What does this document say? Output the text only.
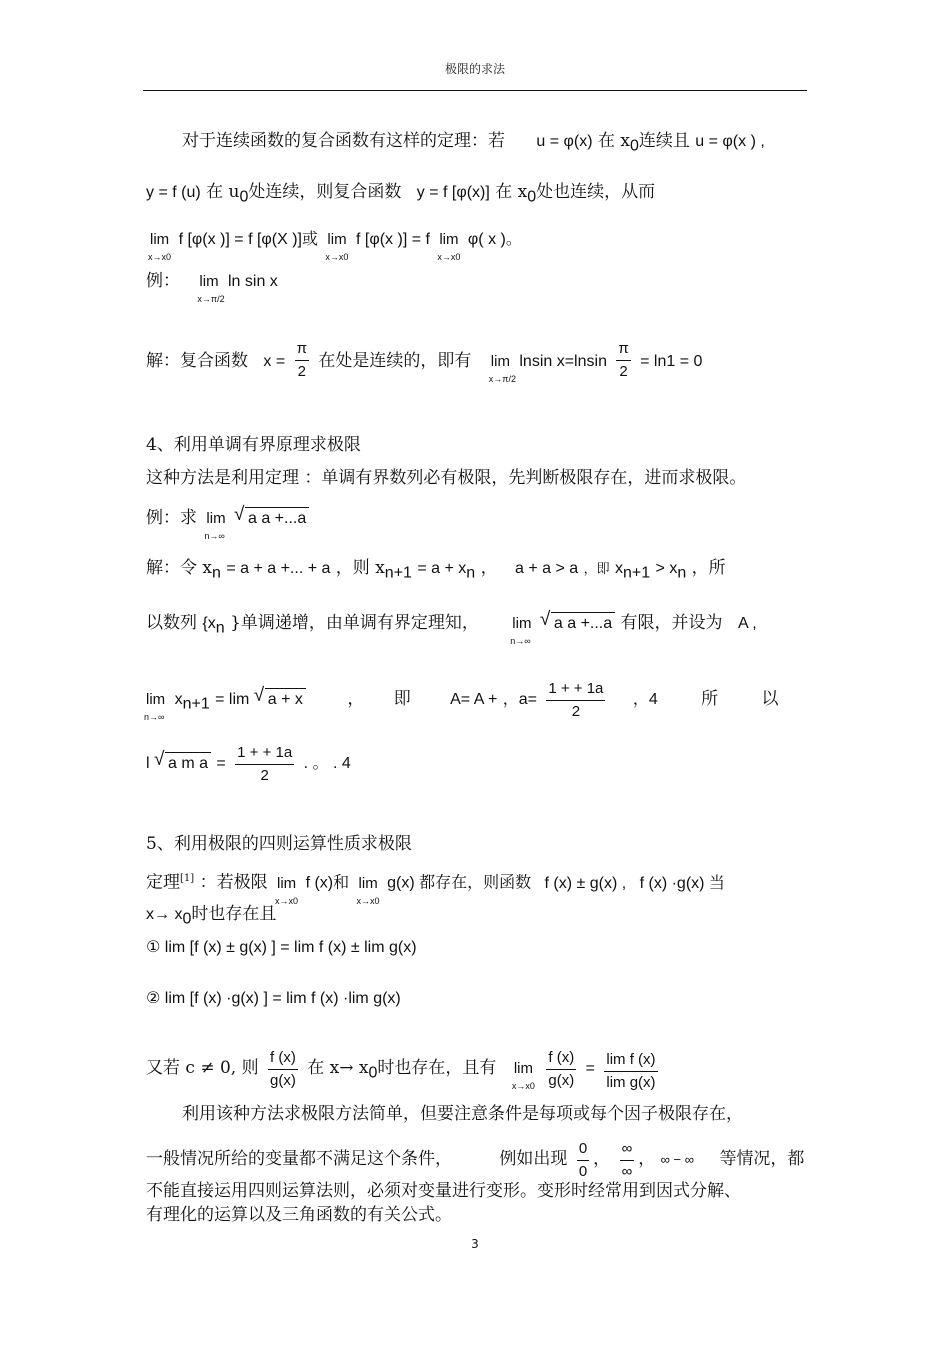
极限的求法
对于连续函数的复合函数有这样的定理：若 u = φ(x) 在 $x_0$连续且 u = φ(x ) ,
y = f (u) 在 $u_0$处连续，则复合函数 y = f [φ(x)] 在 $x_0$处也连续，从而
lim
x→x0
f [φ(x )] = f [φ(X )]或 lim
x→x0
f [φ(x )] = f lim
x→x0
φ( x )。
例： lim
x→π/2
ln sin x
解：复合函数 $x = \frac{\pi}{2}$ 在处是连续的，即有 lim
x→π/2
lnsin $x=lnsin \frac{\pi}{2} = \ln 1 = 0$
4、利用单调有界原理求极限
这种方法是利用定理 ：单调有界数列必有极限，先判断极限存在，进而求极限。
例：求 lim
n→∞
√ a a +...a
解：令 $x_n = a + a$ +... + a ，则 $x_{n+1} = a + x_n$ ， a + a > a ，即 $x_{n+1} > x_n$ ，所
以数列 {$x_n$ }单调递增，由单调有界定理知， lim
n→∞
√ a a +...a 有限，并设为 A ,
lim
n→∞
$x_{n+1} = \lim$ √ a + x	， 即 A= A + ，$a= \frac{1 + + 1a}{2}$ ，4	所	以
l √ a m $a = \frac{1 + + 1a}{2}$ . 。 . 4
5、利用极限的四则运算性质求极限
定理[1] ：若极限 lim
x→x0
f (x)和 lim
x→x0
g(x) 都存在，则函数 f (x) ± g(x) , f (x) ·g(x) 当
$x\to x_0$时也存在且
① lim [f (x) ± g(x) ] = lim f (x) ± lim g(x)
② lim [f (x) ·g(x) ] = lim f (x) ·lim g(x)
又若 c ≠ 0, 则 $\frac{f (x)}{g(x)}$ 在 $x\to x_0$时也存在，且有 lim
x→x0
$\frac{f (x)}{g(x)} = \frac{\text{lim f (x)}}{\text{lim g(x)}}$
利用该种方法求极限方法简单，但要注意条件是每项或每个因子极限存在，
一般情况所给的变量都不满足这个条件，	例如出现 $\frac{0}{0}$ ， $\frac{\infty}{\infty}$ ， ∞ − ∞ 等情况，都
不能直接运用四则运算法则，必须对变量进行变形。变形时经常用到因式分解、
有理化的运算以及三角函数的有关公式。
3
